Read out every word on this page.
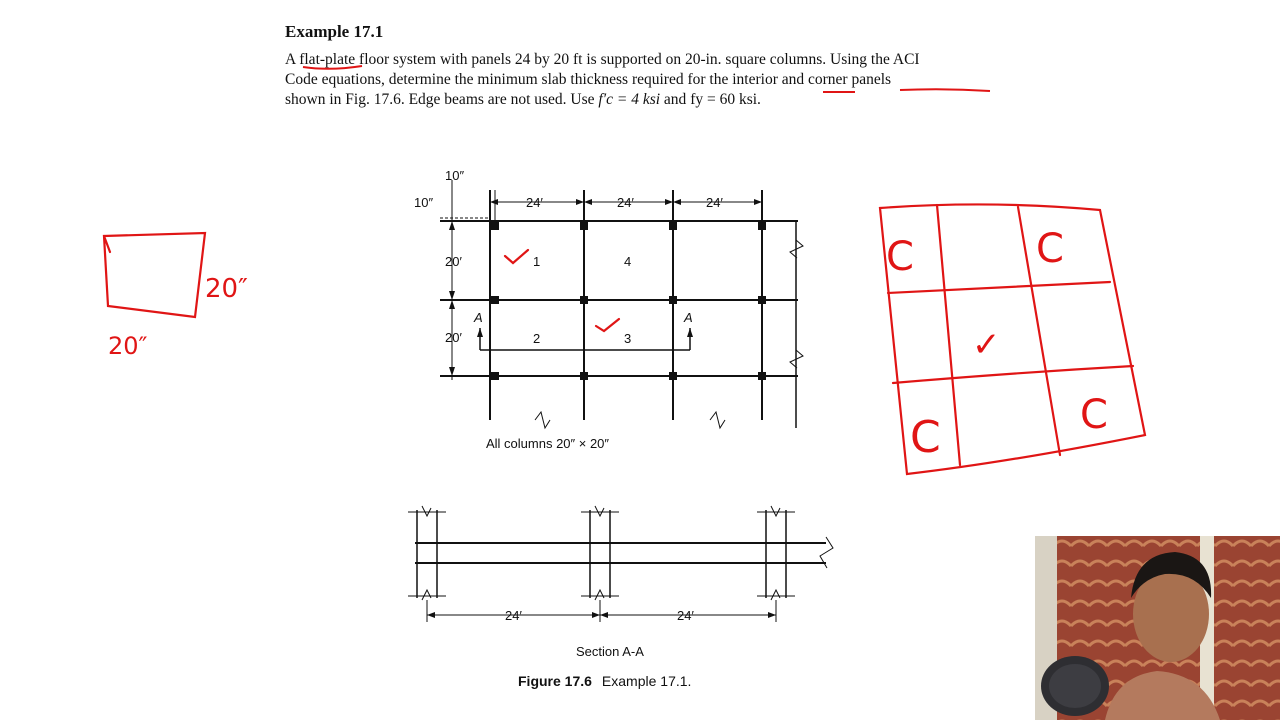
Example 17.1
A flat-plate floor system with panels 24 by 20 ft is supported on 20-in. square columns. Using the ACI
Code equations, determine the minimum slab thickness required for the interior and corner panels
shown in Fig. 17.6. Edge beams are not used. Use f′c = 4 ksi and fy = 60 ksi.
10″
10″	24′	24′	24′
20′
20′
1	4
2	3
A	A
All columns 20″ × 20″
24′	24′
Section A-A
20″
20″
C	C
✓
C	C
Figure 17.6 Example 17.1.
